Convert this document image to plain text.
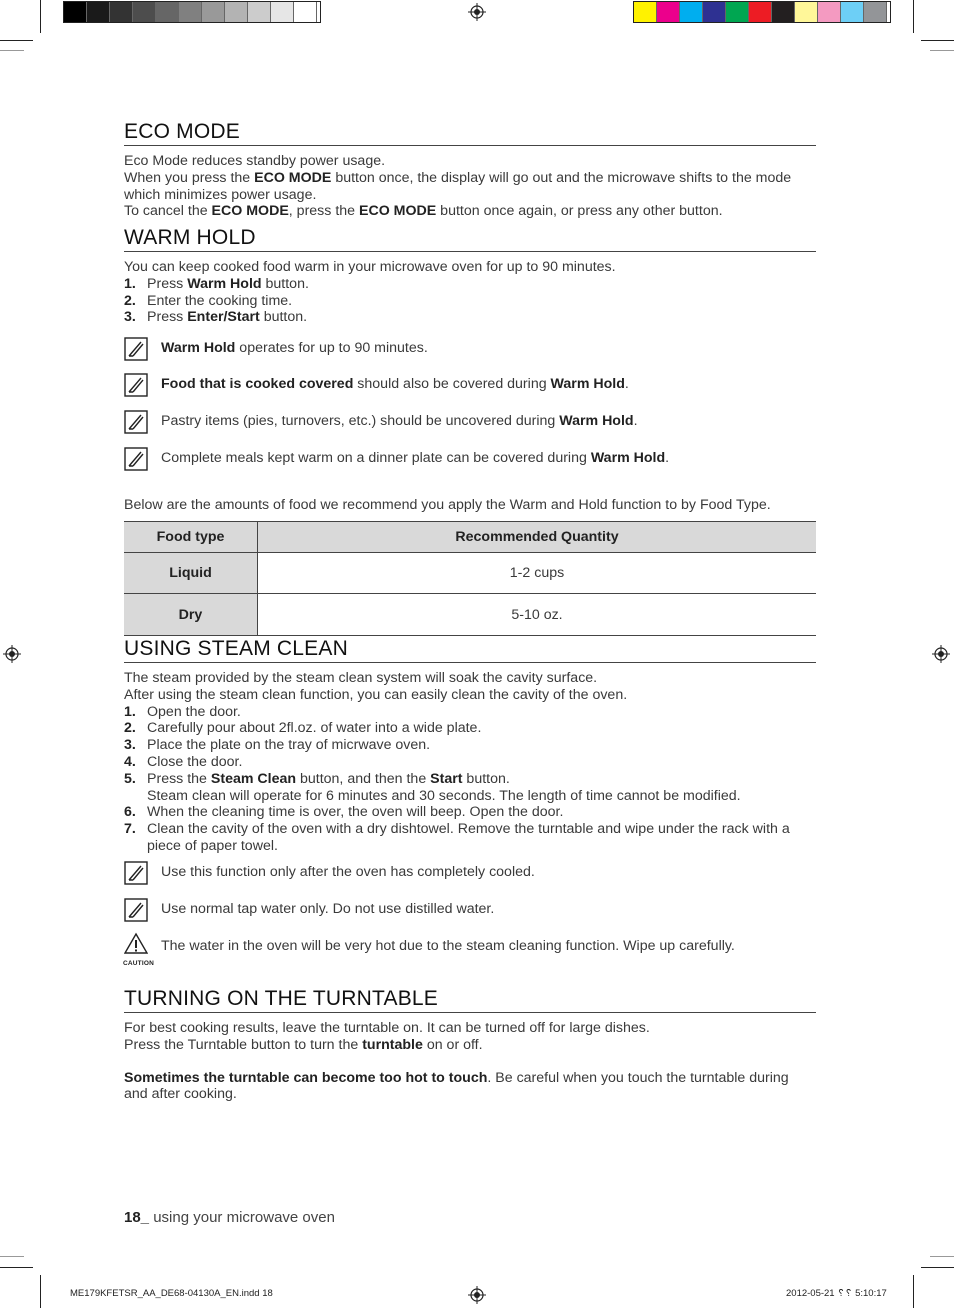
ECO MODE

Eco Mode reduces standby power usage.

When you press the ECO MODE button once, the display will go out and the microwave shifts to the mode which minimizes power usage.

To cancel the ECO MODE, press the ECO MODE button once again, or press any other button.

WARM HOLD

You can keep cooked food warm in your microwave oven for up to 90 minutes.

1. Press Warm Hold button.
2. Enter the cooking time.
3. Press Enter/Start button.
Warm Hold operates for up to 90 minutes.
Food that is cooked covered should also be covered during Warm Hold.
Pastry items (pies, turnovers, etc.) should be uncovered during Warm Hold.
Complete meals kept warm on a dinner plate can be covered during Warm Hold.

Below are the amounts of food we recommend you apply the Warm and Hold function to by Food Type.

Food type	Recommended Quantity
Liquid	1-2 cups
Dry	5-10 oz.
USING STEAM CLEAN

The steam provided by the steam clean system will soak the cavity surface.

After using the steam clean function, you can easily clean the cavity of the oven.

1. Open the door.
2. Carefully pour about 2fl.oz. of water into a wide plate.
3. Place the plate on the tray of micrwave oven.
4. Close the door.
5. Press the Steam Clean button, and then the Start button.
Steam clean will operate for 6 minutes and 30 seconds. The length of time cannot be modified.
6. When the cleaning time is over, the oven will beep. Open the door.
7. Clean the cavity of the oven with a dry dishtowel. Remove the turntable and wipe under the rack with a piece of paper towel.
Use this function only after the oven has completely cooled.
Use normal tap water only. Do not use distilled water.
CAUTION
The water in the oven will be very hot due to the steam cleaning function. Wipe up carefully.
TURNING ON THE TURNTABLE

For best cooking results, leave the turntable on. It can be turned off for large dishes.

Press the Turntable button to turn the turntable on or off.

Sometimes the turntable can become too hot to touch. Be careful when you touch the turntable during and after cooking.

18_ using your microwave oven
ME179KFETSR_AA_DE68-04130A_EN.indd 18	2012-05-21 ␦␦ 5:10:17
